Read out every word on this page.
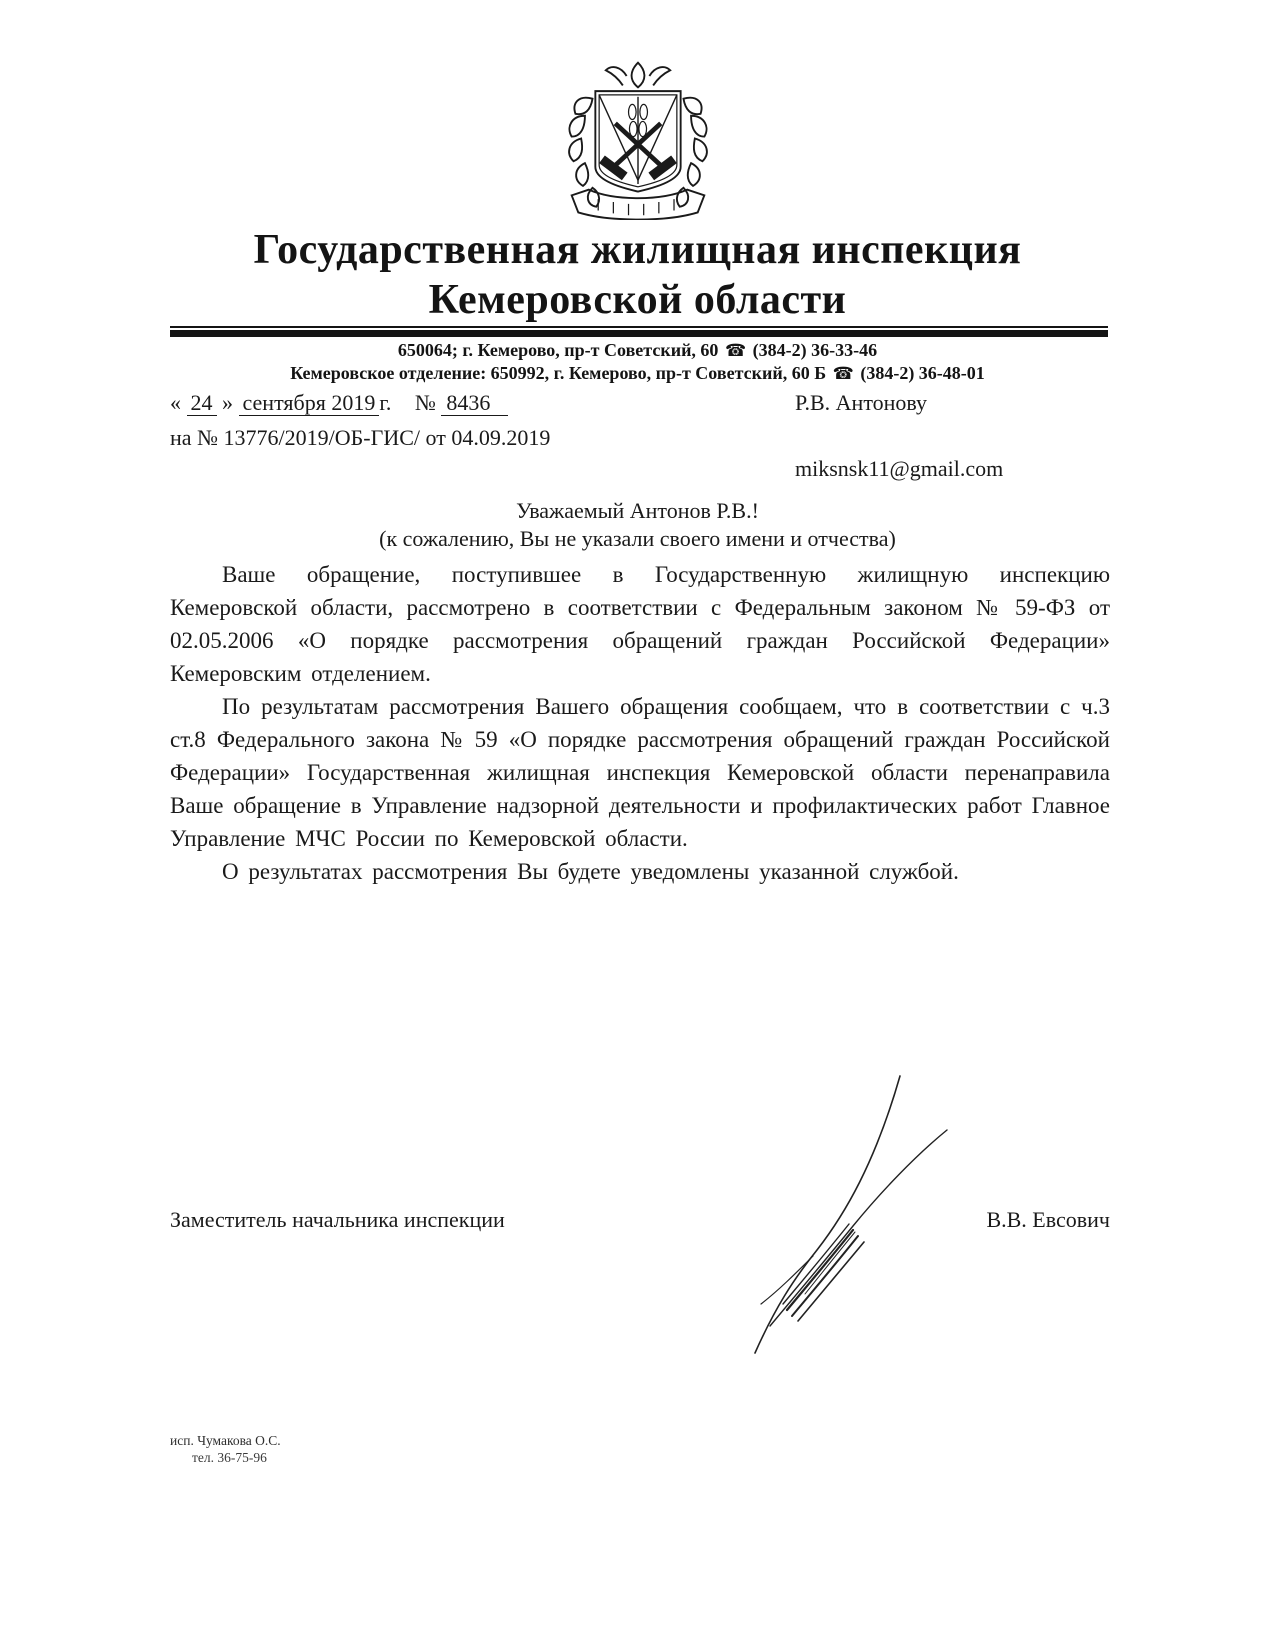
Государственная жилищная инспекция
Кемеровской области

650064; г. Кемерово, пр-т Советский, 60 ☎ (384-2) 36-33-46

Кемеровское отделение: 650992, г. Кемерово, пр-т Советский, 60 Б ☎ (384-2) 36-48-01

« 24 » сентября 2019 г. № 8436
на № 13776/2019/ОБ-ГИС/ от 04.09.2019
Р.В. Антонову
miksnsk11@gmail.com
Уважаемый Антонов Р.В.!
(к сожалению, Вы не указали своего имени и отчества)

Ваше обращение, поступившее в Государственную жилищную инспекцию Кемеровской области, рассмотрено в соответствии с Федеральным законом № 59-ФЗ от 02.05.2006 «О порядке рассмотрения обращений граждан Российской Федерации» Кемеровским отделением.

По результатам рассмотрения Вашего обращения сообщаем, что в соответствии с ч.3 ст.8 Федерального закона № 59 «О порядке рассмотрения обращений граждан Российской Федерации» Государственная жилищная инспекция Кемеровской области перенаправила Ваше обращение в Управление надзорной деятельности и профилактических работ Главное Управление МЧС России по Кемеровской области.

О результатах рассмотрения Вы будете уведомлены указанной службой.

Заместитель начальника инспекции	В.В. Евсович
исп. Чумакова О.С.
тел. 36-75-96
